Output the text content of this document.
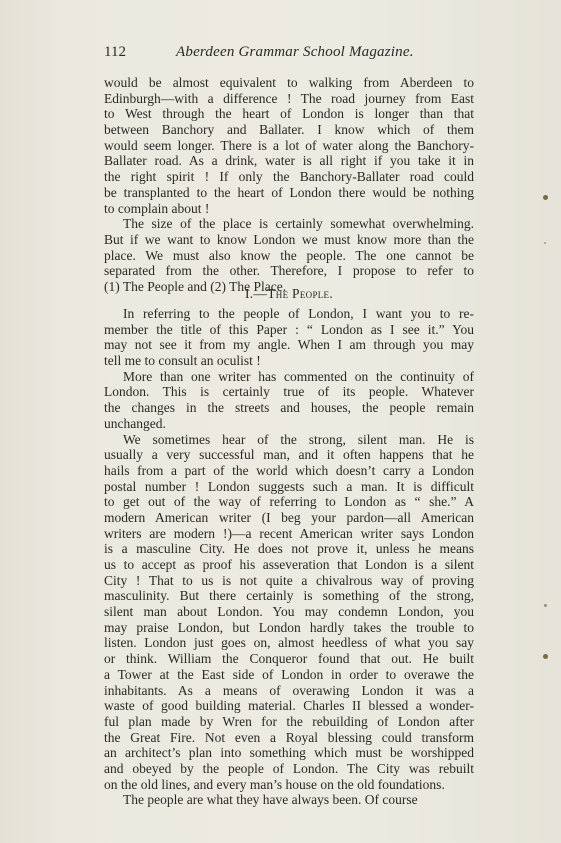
112	Aberdeen Grammar School Magazine.
would be almost equivalent to walking from Aberdeen to
Edinburgh—with a difference ! The road journey from East
to West through the heart of London is longer than that
between Banchory and Ballater. I know which of them
would seem longer. There is a lot of water along the Banchory-
Ballater road. As a drink, water is all right if you take it in
the right spirit ! If only the Banchory-Ballater road could
be transplanted to the heart of London there would be nothing
to complain about !
The size of the place is certainly somewhat overwhelming.
But if we want to know London we must know more than the
place. We must also know the people. The one cannot be
separated from the other. Therefore, I propose to refer to
(1) The People and (2) The Place.
I.—The People.
In referring to the people of London, I want you to re-
member the title of this Paper : “ London as I see it.” You
may not see it from my angle. When I am through you may
tell me to consult an oculist !
More than one writer has commented on the continuity of
London. This is certainly true of its people. Whatever
the changes in the streets and houses, the people remain
unchanged.
We sometimes hear of the strong, silent man. He is
usually a very successful man, and it often happens that he
hails from a part of the world which doesn’t carry a London
postal number ! London suggests such a man. It is difficult
to get out of the way of referring to London as “ she.” A
modern American writer (I beg your pardon—all American
writers are modern !)—a recent American writer says London
is a masculine City. He does not prove it, unless he means
us to accept as proof his asseveration that London is a silent
City ! That to us is not quite a chivalrous way of proving
masculinity. But there certainly is something of the strong,
silent man about London. You may condemn London, you
may praise London, but London hardly takes the trouble to
listen. London just goes on, almost heedless of what you say
or think. William the Conqueror found that out. He built
a Tower at the East side of London in order to overawe the
inhabitants. As a means of overawing London it was a
waste of good building material. Charles II blessed a wonder-
ful plan made by Wren for the rebuilding of London after
the Great Fire. Not even a Royal blessing could transform
an architect’s plan into something which must be worshipped
and obeyed by the people of London. The City was rebuilt
on the old lines, and every man’s house on the old foundations.
The people are what they have always been. Of course
